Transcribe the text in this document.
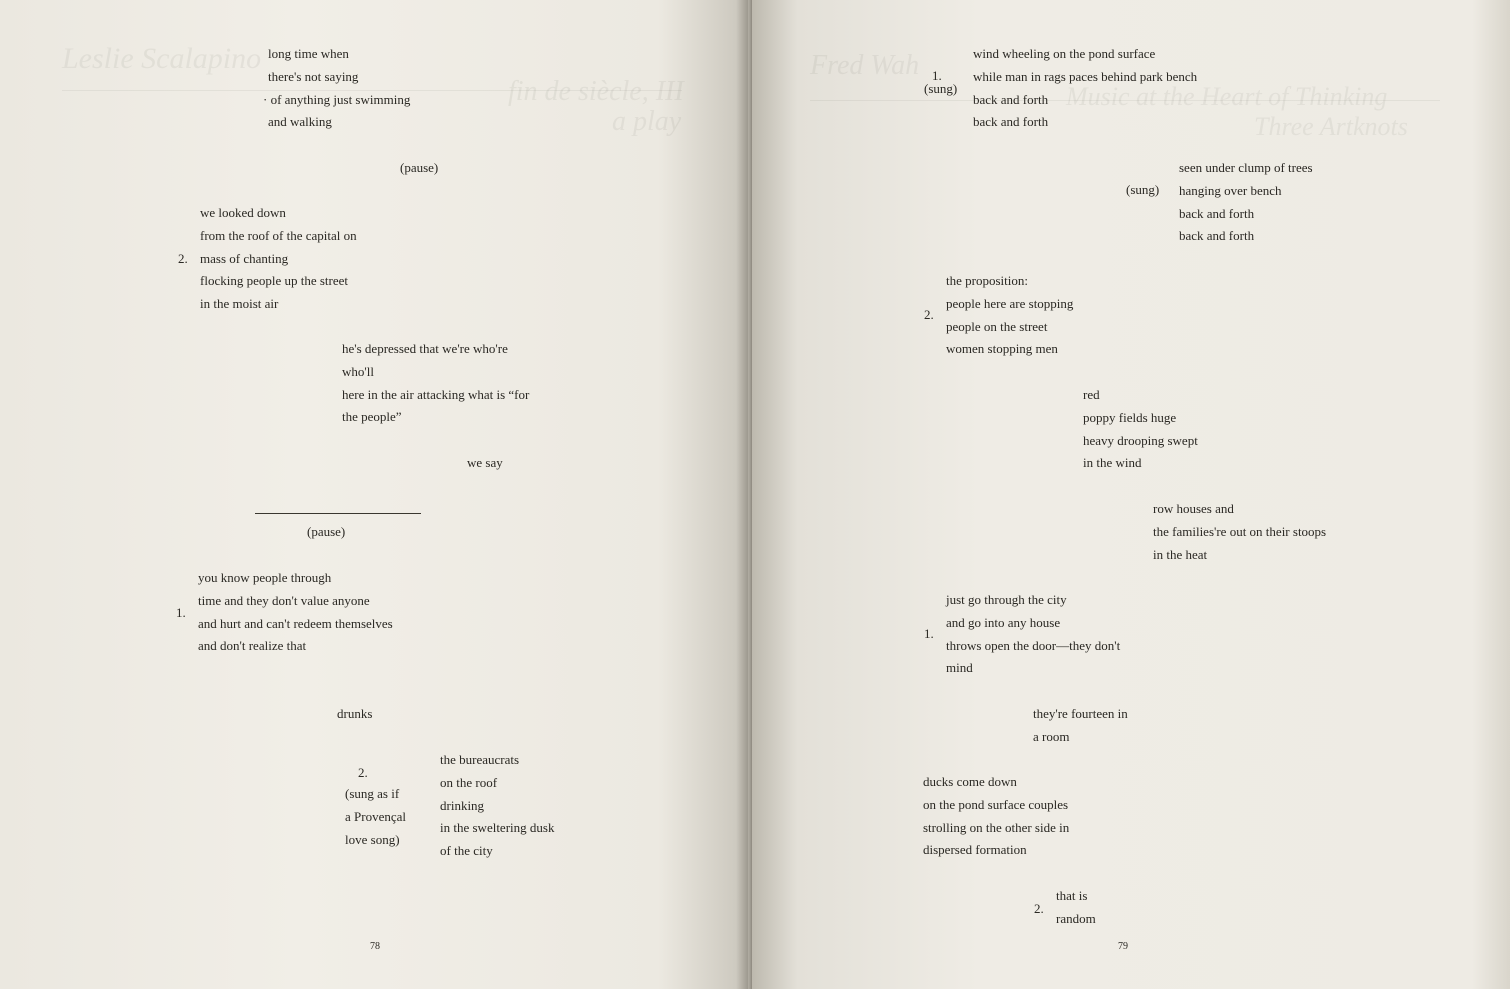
Leslie Scalapino
fin de siècle, III
a play
long time when
there's not saying
· of anything just swimming
and walking
(pause)
2.
we looked down
from the roof of the capital on
mass of chanting
flocking people up the street
in the moist air
he's depressed that we're who're
who'll
here in the air attacking what is “for
the people”
we say
(pause)
1.
you know people through
time and they don't value anyone
and hurt and can't redeem themselves
and don't realize that
drunks
2.
(sung as if
a Provençal
love song)
the bureaucrats
on the roof
drinking
in the sweltering dusk
of the city
78
Fred Wah
Music at the Heart of Thinking
Three Artknots
1.
(sung)
wind wheeling on the pond surface
while man in rags paces behind park bench
back and forth
back and forth
(sung)
seen under clump of trees
hanging over bench
back and forth
back and forth
2.
the proposition:
people here are stopping
people on the street
women stopping men
red
poppy fields huge
heavy drooping swept
in the wind
row houses and
the families're out on their stoops
in the heat
1.
just go through the city
and go into any house
throws open the door—they don't
mind
they're fourteen in
a room
ducks come down
on the pond surface couples
strolling on the other side in
dispersed formation
2.
that is
random
79
